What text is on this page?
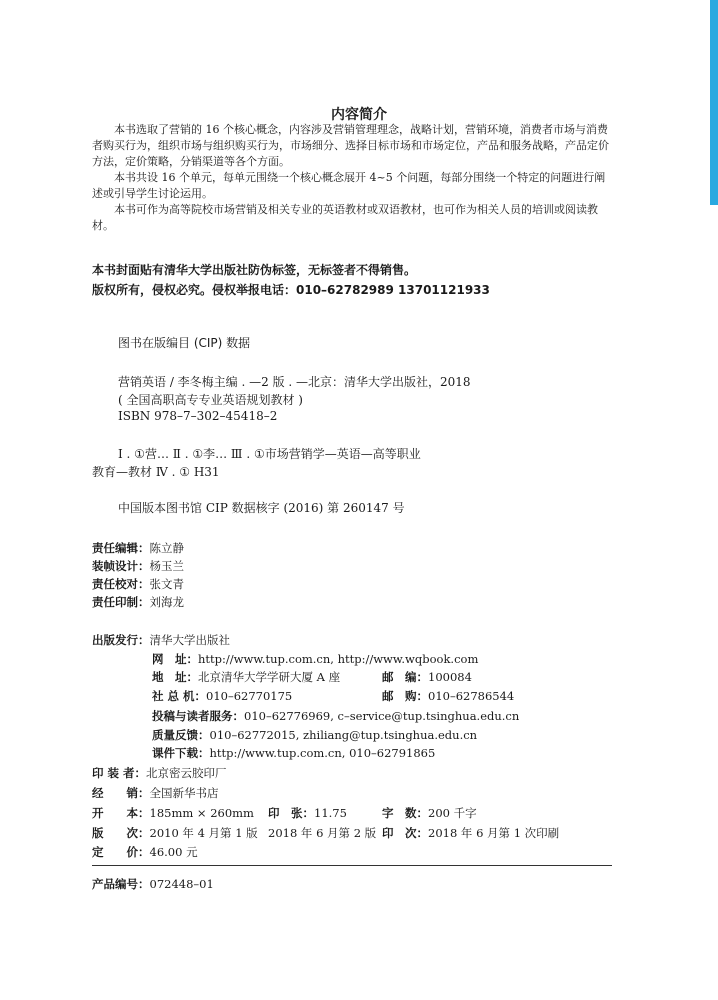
内容简介
本书选取了营销的 16 个核心概念，内容涉及营销管理理念，战略计划，营销环境，消费者市场与消费者购买行为，组织市场与组织购买行为，市场细分、选择目标市场和市场定位，产品和服务战略，产品定价方法，定价策略，分销渠道等各个方面。
本书共设 16 个单元，每单元围绕一个核心概念展开 4~5 个问题，每部分围绕一个特定的问题进行阐述或引导学生讨论运用。
本书可作为高等院校市场营销及相关专业的英语教材或双语教材，也可作为相关人员的培训或阅读教材。
本书封面贴有清华大学出版社防伪标签，无标签者不得销售。
版权所有，侵权必究。侵权举报电话：010–62782989 13701121933
图书在版编目 (CIP) 数据
营销英语 / 李冬梅主编 . —2 版 . —北京：清华大学出版社，2018
( 全国高职高专专业英语规划教材 )
ISBN 978–7–302–45418–2
Ⅰ . ①营… Ⅱ . ①李… Ⅲ . ①市场营销学—英语—高等职业
教育—教材 Ⅳ . ① H31
中国版本图书馆 CIP 数据核字 (2016) 第 260147 号
责任编辑：陈立静
装帧设计：杨玉兰
责任校对：张文青
责任印制：刘海龙
出版发行：清华大学出版社
网　址：http://www.tup.com.cn, http://www.wqbook.com
地　址：北京清华大学学研大厦 A 座	邮　编：100084
社 总 机：010–62770175	邮　购：010–62786544
投稿与读者服务：010–62776969, c–service@tup.tsinghua.edu.cn
质量反馈：010–62772015, zhiliang@tup.tsinghua.edu.cn
课件下载：http://www.tup.com.cn, 010–62791865
印 装 者：北京密云胶印厂
经　　销：全国新华书店
开　　本：185mm × 260mm 印　张：11.75	字　数：200 千字
版　　次：2010 年 4 月第 1 版 2018 年 6 月第 2 版 印　次：2018 年 6 月第 1 次印刷
定　　价：46.00 元
产品编号：072448–01
